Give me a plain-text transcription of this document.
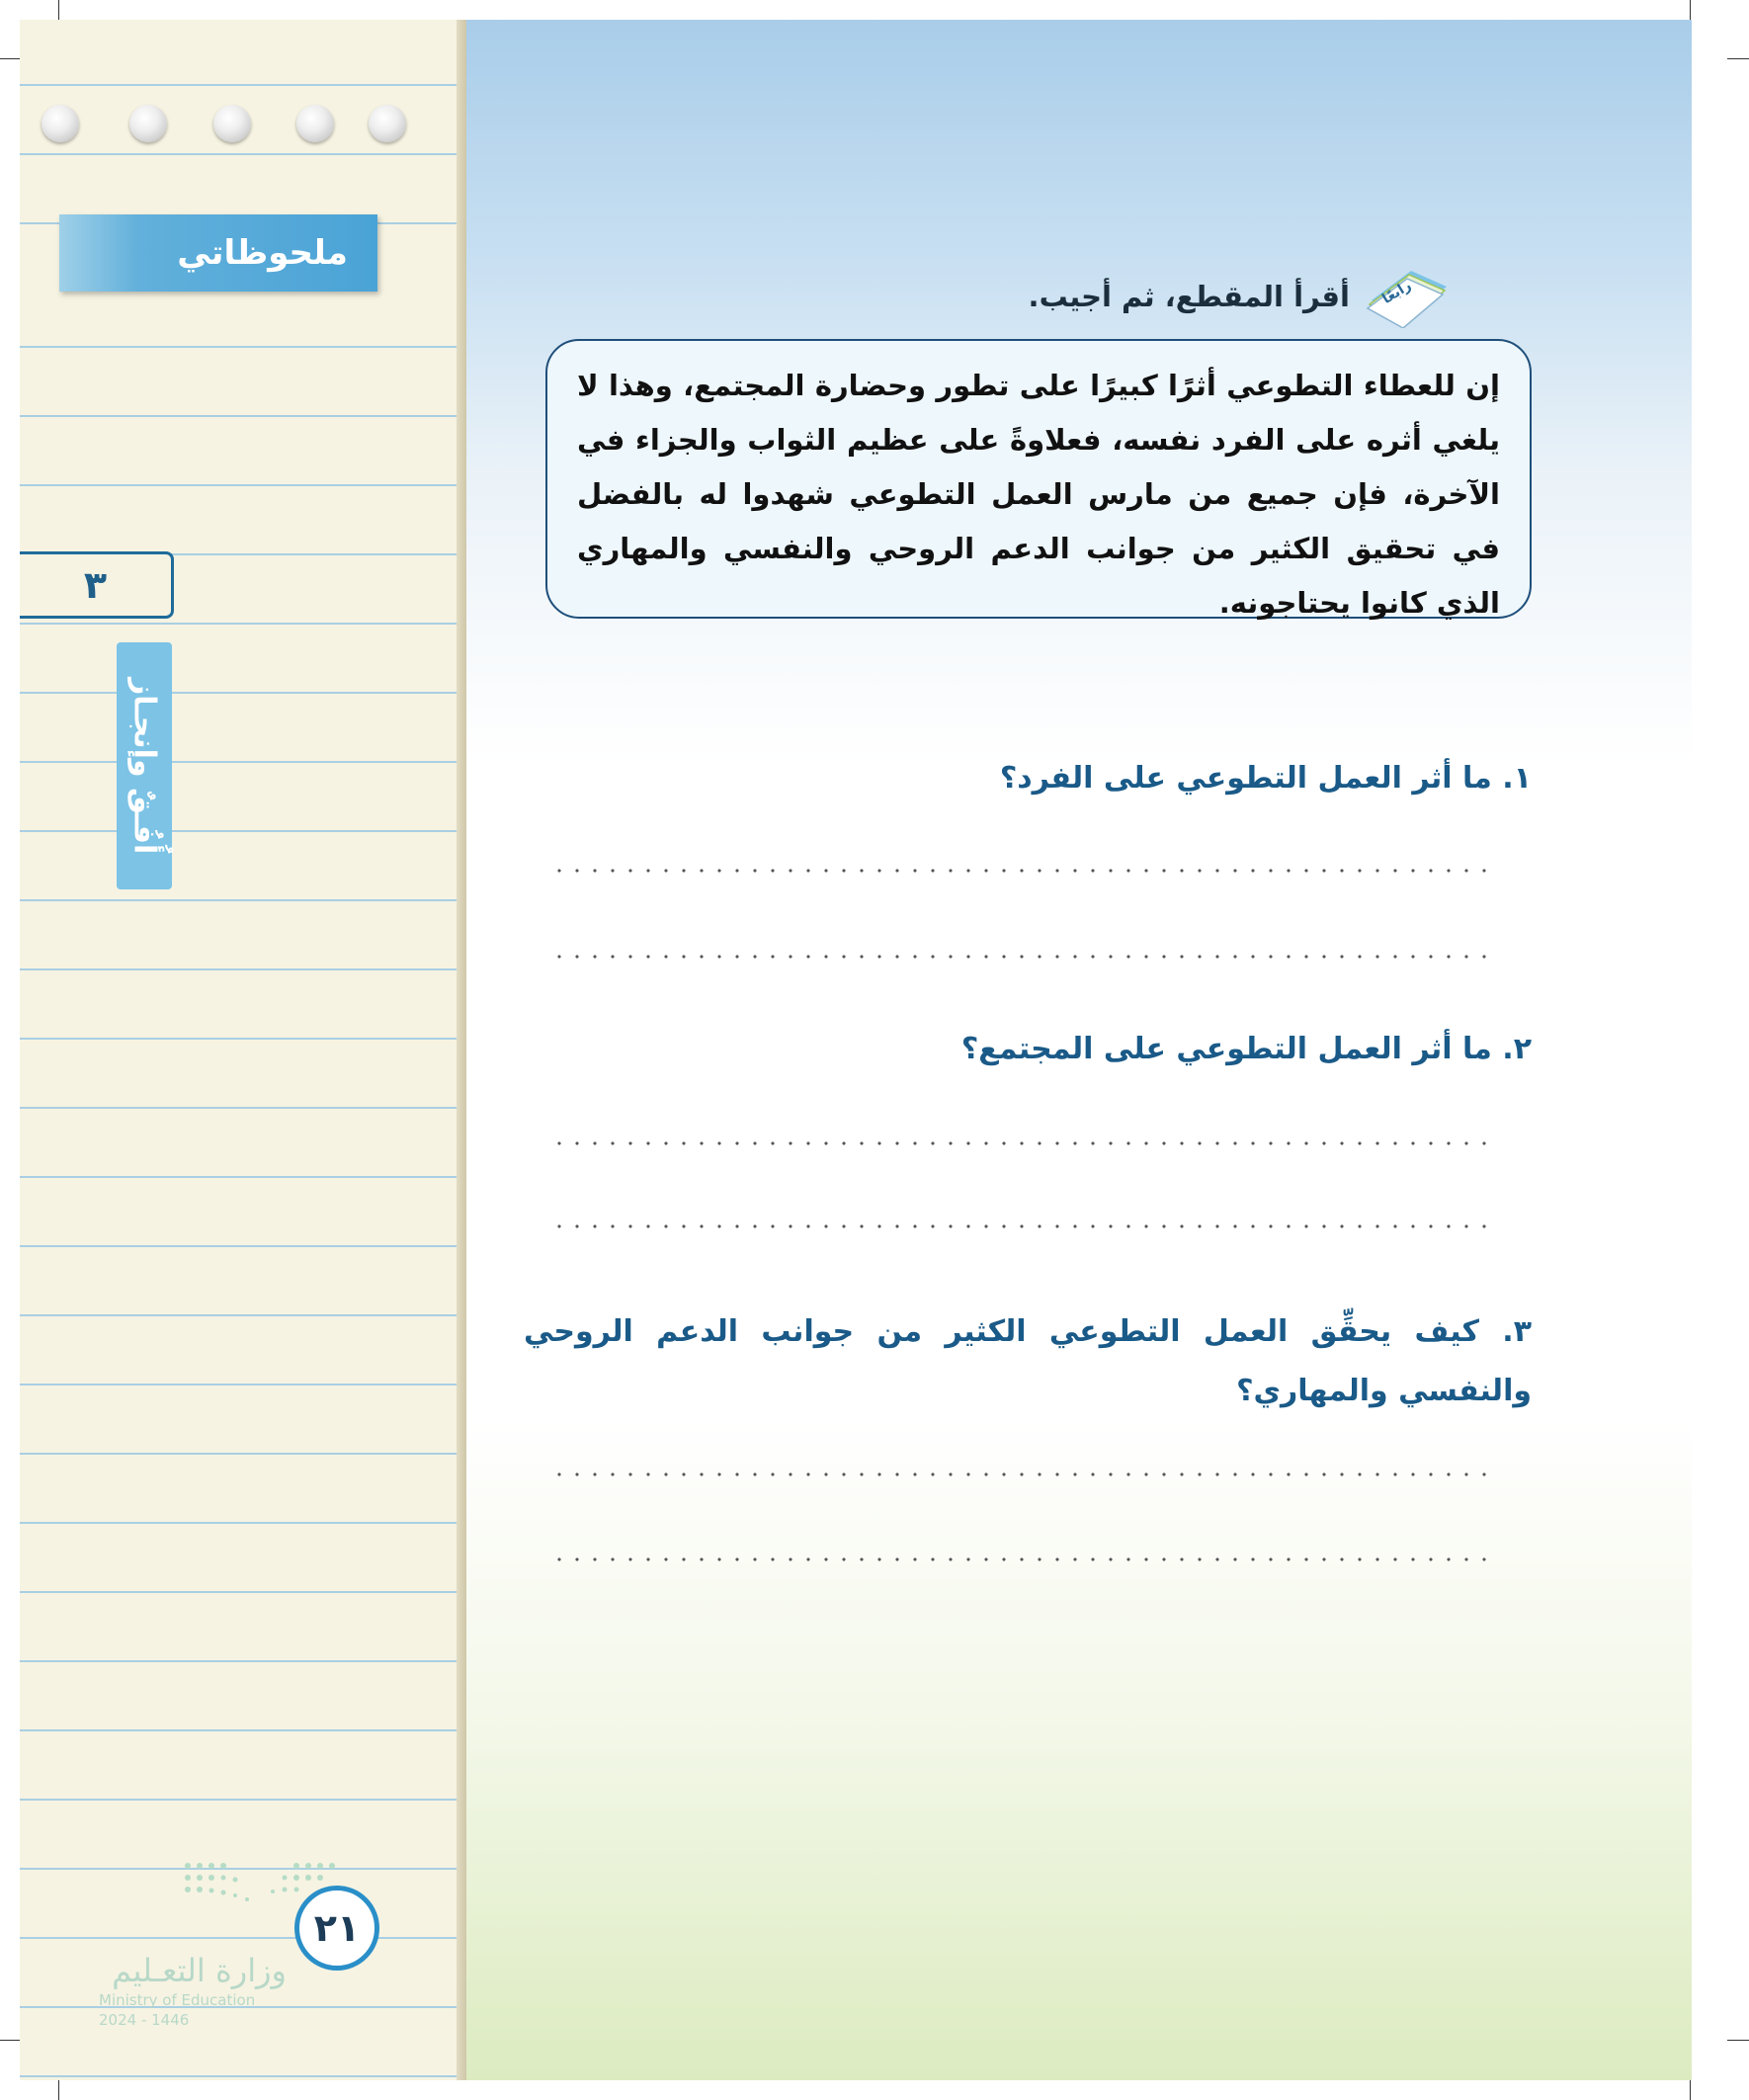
ملحوظاتي
٣
أُفُـقٌ وإنجـاز
وزارة التعـليم
Ministry of Education
2024 - 1446
٢١
رابعًا
أقرأ المقطع، ثم أجيب.
إن للعطاء التطوعي أثرًا كبيرًا على تطور وحضارة المجتمع، وهذا لا يلغي أثره على الفرد نفسه، فعلاوةً على عظيم الثواب والجزاء في الآخرة، فإن جميع من مارس العمل التطوعي شهدوا له بالفضل في تحقيق الكثير من جوانب الدعم الروحي والنفسي والمهاري الذي كانوا يحتاجونه.
١. ما أثر العمل التطوعي على الفرد؟
٢. ما أثر العمل التطوعي على المجتمع؟
٣. كيف يحقِّق العمل التطوعي الكثير من جوانب الدعم الروحي والنفسي والمهاري؟
